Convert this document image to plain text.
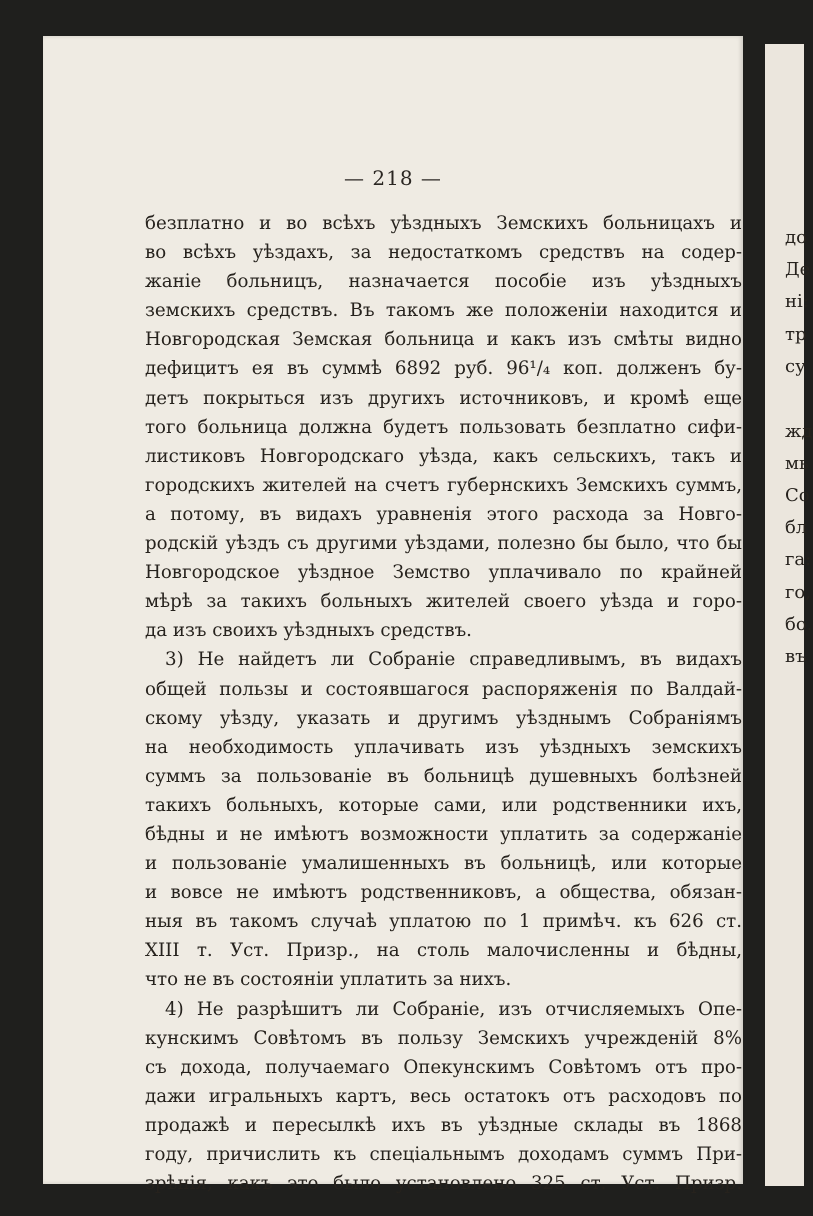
— 218 —
безплатно и во всѣхъ уѣздныхъ Земскихъ больницахъ и
во всѣхъ уѣздахъ, за недостаткомъ средствъ на содер-
жаніе больницъ, назначается пособіе изъ уѣздныхъ
земскихъ средствъ. Въ такомъ же положеніи находится и
Новгородская Земская больница и какъ изъ смѣты видно
дефицитъ ея въ суммѣ 6892 руб. 96¹/₄ коп. долженъ бу-
детъ покрыться изъ другихъ источниковъ, и кромѣ еще
того больница должна будетъ пользовать безплатно сифи-
листиковъ Новгородскаго уѣзда, какъ сельскихъ, такъ и
городскихъ жителей на счетъ губернскихъ Земскихъ суммъ,
а потому, въ видахъ уравненія этого расхода за Новго-
родскій уѣздъ съ другими уѣздами, полезно бы было, что бы
Новгородское уѣздное Земство уплачивало по крайней
мѣрѣ за такихъ больныхъ жителей своего уѣзда и горо-
да изъ своихъ уѣздныхъ средствъ.
3) Не найдетъ ли Собраніе справедливымъ, въ видахъ
общей пользы и состоявшагося распоряженія по Валдай-
скому уѣзду, указать и другимъ уѣзднымъ Собраніямъ
на необходимость уплачивать изъ уѣздныхъ земскихъ
суммъ за пользованіе въ больницѣ душевныхъ болѣзней
такихъ больныхъ, которые сами, или родственники ихъ,
бѣдны и не имѣютъ возможности уплатить за содержаніе
и пользованіе умалишенныхъ въ больницѣ, или которые
и вовсе не имѣютъ родственниковъ, а общества, обязан-
ныя въ такомъ случаѣ уплатою по 1 примѣч. къ 626 ст.
XIII т. Уст. Призр., на столь малочисленны и бѣдны,
что не въ состояніи уплатить за нихъ.
4) Не разрѣшитъ ли Собраніе, изъ отчисляемыхъ Опе-
кунскимъ Совѣтомъ въ пользу Земскихъ учрежденій 8%
съ дохода, получаемаго Опекунскимъ Совѣтомъ отъ про-
дажи игральныхъ картъ, весь остатокъ отъ расходовъ по
продажѣ и пересылкѣ ихъ въ уѣздные склады въ 1868
году, причислить къ спеціальнымъ доходамъ суммъ При-
зрѣнія, какъ это было установлено 325 ст. Уст. Призр.
до
Де
ні:
тр
су
жд
мь
Со
бл
га:
го,
бо.
въ
